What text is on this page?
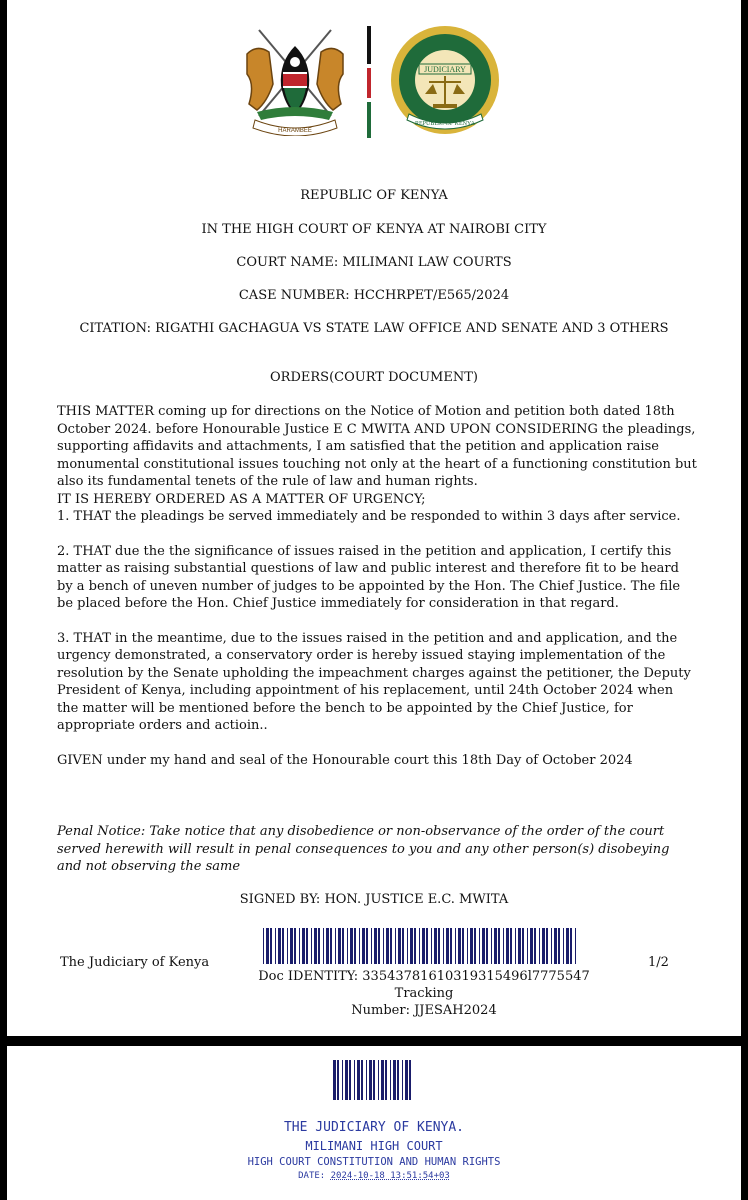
HARAMBEE
JUDICIARY
REPUBLIC OF KENYA
REPUBLIC OF KENYA
IN THE HIGH COURT OF KENYA AT NAIROBI CITY
COURT NAME: MILIMANI LAW COURTS
CASE NUMBER: HCCHRPET/E565/2024
CITATION: RIGATHI GACHAGUA VS STATE LAW OFFICE AND SENATE AND 3 OTHERS
ORDERS(COURT DOCUMENT)

THIS MATTER coming up for directions on the Notice of Motion and petition both dated 18th October 2024. before Honourable Justice E C MWITA AND UPON CONSIDERING the pleadings, supporting affidavits and attachments, I am satisfied that the petition and application raise monumental constitutional issues touching not only at the heart of a functioning constitution but also its fundamental tenets of the rule of law and human rights.

IT IS HEREBY ORDERED AS A MATTER OF URGENCY;

1. THAT the pleadings be served immediately and be responded to within 3 days after service.

2. THAT due the the significance of issues raised in the petition and application, I certify this matter as raising substantial questions of law and public interest and therefore fit to be heard by a bench of uneven number of judges to be appointed by the Hon. The Chief Justice. The file be placed before the Hon. Chief Justice immediately for consideration in that regard.

3. THAT in the meantime, due to the issues raised in the petition and and application, and the urgency demonstrated, a conservatory order is hereby issued staying implementation of the resolution by the Senate upholding the impeachment charges against the petitioner, the Deputy President of Kenya, including appointment of his replacement, until 24th October 2024 when the matter will be mentioned before the bench to be appointed by the Chief Justice, for appropriate orders and actioin..

GIVEN under my hand and seal of the Honourable court this 18th Day of October 2024

Penal Notice: Take notice that any disobedience or non-observance of the order of the court served herewith will result in penal consequences to you and any other person(s) disobeying and not observing the same
SIGNED BY: HON. JUSTICE E.C. MWITA
The Judiciary of Kenya	1/2
Doc IDENTITY: 33543781610319315496l7775547 Tracking
Number: JJESAH2024
THE JUDICIARY OF KENYA.
MILIMANI HIGH COURT
HIGH COURT CONSTITUTION AND HUMAN RIGHTS
DATE: 2024-10-18 13:51:54+03
